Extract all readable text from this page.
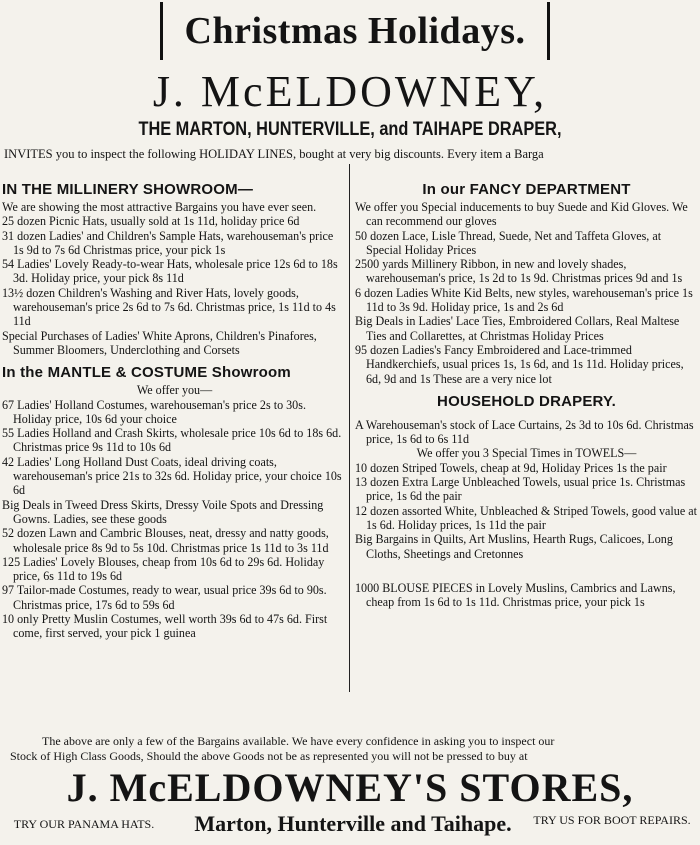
Christmas Holidays.
J. McELDOWNEY,
THE MARTON, HUNTERVILLE, and TAIHAPE DRAPER,
INVITES you to inspect the following HOLIDAY LINES, bought at very big discounts. Every item a Barga
IN THE MILLINERY SHOWROOM—

We are showing the most attractive Bargains you have ever seen.

25 dozen Picnic Hats, usually sold at 1s 11d, holiday price 6d

31 dozen Ladies' and Children's Sample Hats, warehouseman's price 1s 9d to 7s 6d Christmas price, your pick 1s

54 Ladies' Lovely Ready-to-wear Hats, wholesale price 12s 6d to 18s 3d. Holiday price, your pick 8s 11d

13½ dozen Children's Washing and River Hats, lovely goods, warehouseman's price 2s 6d to 7s 6d. Christmas price, 1s 11d to 4s 11d

Special Purchases of Ladies' White Aprons, Children's Pinafores, Summer Bloomers, Underclothing and Corsets

In the MANTLE & COSTUME Showroom
We offer you—

67 Ladies' Holland Costumes, warehouseman's price 2s to 30s. Holiday price, 10s 6d your choice

55 Ladies Holland and Crash Skirts, wholesale price 10s 6d to 18s 6d. Christmas price 9s 11d to 10s 6d

42 Ladies' Long Holland Dust Coats, ideal driving coats, warehouseman's price 21s to 32s 6d. Holiday price, your choice 10s 6d

Big Deals in Tweed Dress Skirts, Dressy Voile Spots and Dressing Gowns. Ladies, see these goods

52 dozen Lawn and Cambric Blouses, neat, dressy and natty goods, wholesale price 8s 9d to 5s 10d. Christmas price 1s 11d to 3s 11d

125 Ladies' Lovely Blouses, cheap from 10s 6d to 29s 6d. Holiday price, 6s 11d to 19s 6d

97 Tailor-made Costumes, ready to wear, usual price 39s 6d to 90s. Christmas price, 17s 6d to 59s 6d

10 only Pretty Muslin Costumes, well worth 39s 6d to 47s 6d. First come, first served, your pick 1 guinea

In our FANCY DEPARTMENT

We offer you Special inducements to buy Suede and Kid Gloves. We can recommend our gloves

50 dozen Lace, Lisle Thread, Suede, Net and Taffeta Gloves, at Special Holiday Prices

2500 yards Millinery Ribbon, in new and lovely shades, warehouseman's price, 1s 2d to 1s 9d. Christmas prices 9d and 1s

6 dozen Ladies White Kid Belts, new styles, warehouseman's price 1s 11d to 3s 9d. Holiday price, 1s and 2s 6d

Big Deals in Ladies' Lace Ties, Embroidered Collars, Real Maltese Ties and Collarettes, at Christmas Holiday Prices

95 dozen Ladies's Fancy Embroidered and Lace-trimmed Handkerchiefs, usual prices 1s, 1s 6d, and 1s 11d. Holiday prices, 6d, 9d and 1s These are a very nice lot

HOUSEHOLD DRAPERY.

A Warehouseman's stock of Lace Curtains, 2s 3d to 10s 6d. Christmas price, 1s 6d to 6s 11d

We offer you 3 Special Times in TOWELS—

10 dozen Striped Towels, cheap at 9d, Holiday Prices 1s the pair

13 dozen Extra Large Unbleached Towels, usual price 1s. Christmas price, 1s 6d the pair

12 dozen assorted White, Unbleached & Striped Towels, good value at 1s 6d. Holiday prices, 1s 11d the pair

Big Bargains in Quilts, Art Muslins, Hearth Rugs, Calicoes, Long Cloths, Sheetings and Cretonnes

1000 BLOUSE PIECES in Lovely Muslins, Cambrics and Lawns, cheap from 1s 6d to 1s 11d. Christmas price, your pick 1s

The above are only a few of the Bargains available. We have every confidence in asking you to inspect our

Stock of High Class Goods, Should the above Goods not be as represented you will not be pressed to buy at

J. McELDOWNEY'S STORES,
Marton, Hunterville and Taihape.
TRY OUR PANAMA HATS.	TRY US FOR BOOT REPAIRS.
